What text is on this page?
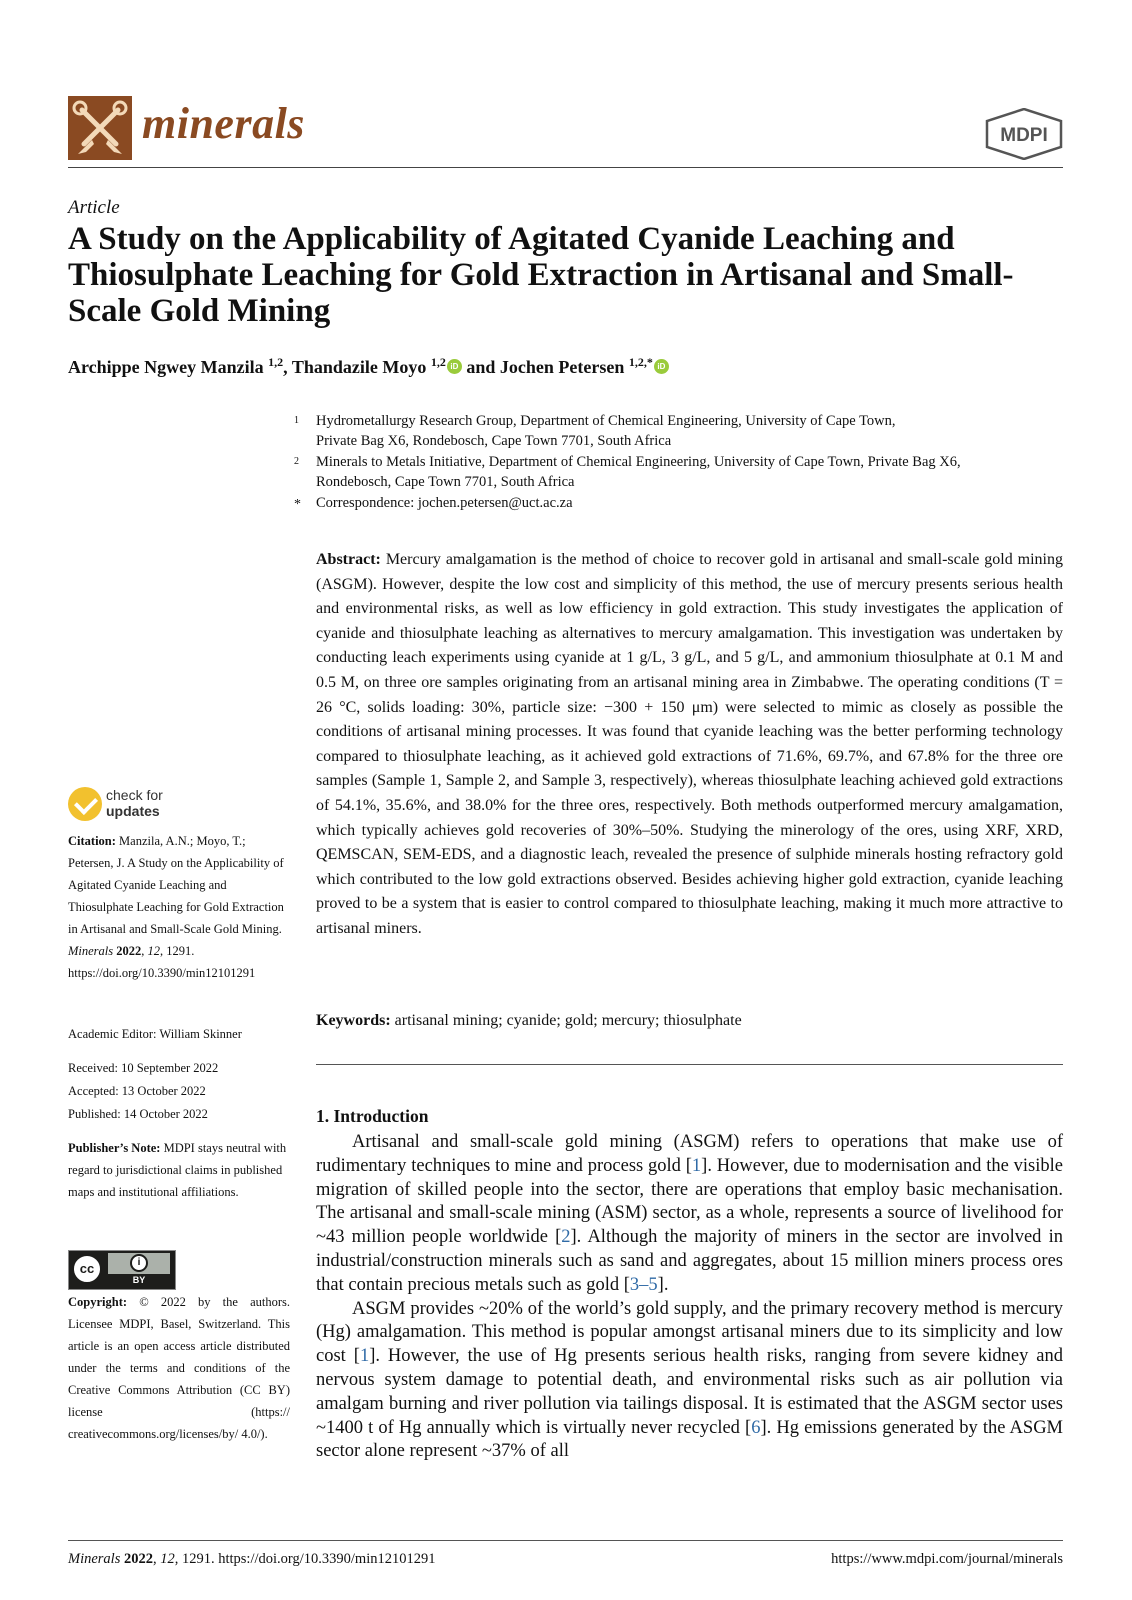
minerals	MDPI
Article
A Study on the Applicability of Agitated Cyanide Leaching and Thiosulphate Leaching for Gold Extraction in Artisanal and Small-Scale Gold Mining
Archippe Ngwey Manzila $^{1,2}$, Thandazile Moyo $^{1,2}$ iD and Jochen Petersen $^{1,2,*}$ iD
1 Hydrometallurgy Research Group, Department of Chemical Engineering, University of Cape Town,
Private Bag X6, Rondebosch, Cape Town 7701, South Africa
2 Minerals to Metals Initiative, Department of Chemical Engineering, University of Cape Town, Private Bag X6,
Rondebosch, Cape Town 7701, South Africa
* Correspondence: jochen.petersen@uct.ac.za
Abstract: Mercury amalgamation is the method of choice to recover gold in artisanal and small-scale gold mining (ASGM). However, despite the low cost and simplicity of this method, the use of mercury presents serious health and environmental risks, as well as low efficiency in gold extraction. This study investigates the application of cyanide and thiosulphate leaching as alternatives to mercury amalgamation. This investigation was undertaken by conducting leach experiments using cyanide at 1 g/L, 3 g/L, and 5 g/L, and ammonium thiosulphate at 0.1 M and 0.5 M, on three ore samples originating from an artisanal mining area in Zimbabwe. The operating conditions (T = 26 °C, solids loading: 30%, particle size: −300 + 150 μm) were selected to mimic as closely as possible the conditions of artisanal mining processes. It was found that cyanide leaching was the better performing technology compared to thiosulphate leaching, as it achieved gold extractions of 71.6%, 69.7%, and 67.8% for the three ore samples (Sample 1, Sample 2, and Sample 3, respectively), whereas thiosulphate leaching achieved gold extractions of 54.1%, 35.6%, and 38.0% for the three ores, respectively. Both methods outperformed mercury amalgamation, which typically achieves gold recoveries of 30%–50%. Studying the minerology of the ores, using XRF, XRD, QEMSCAN, SEM-EDS, and a diagnostic leach, revealed the presence of sulphide minerals hosting refractory gold which contributed to the low gold extractions observed. Besides achieving higher gold extraction, cyanide leaching proved to be a system that is easier to control compared to thiosulphate leaching, making it much more attractive to artisanal miners.
Keywords: artisanal mining; cyanide; gold; mercury; thiosulphate
1. Introduction

Artisanal and small-scale gold mining (ASGM) refers to operations that make use of rudimentary techniques to mine and process gold [1]. However, due to modernisation and the visible migration of skilled people into the sector, there are operations that employ basic mechanisation. The artisanal and small-scale mining (ASM) sector, as a whole, represents a source of livelihood for ~43 million people worldwide [2]. Although the majority of miners in the sector are involved in industrial/construction minerals such as sand and aggregates, about 15 million miners process ores that contain precious metals such as gold [3–5].

ASGM provides ~20% of the world’s gold supply, and the primary recovery method is mercury (Hg) amalgamation. This method is popular amongst artisanal miners due to its simplicity and low cost [1]. However, the use of Hg presents serious health risks, ranging from severe kidney and nervous system damage to potential death, and environmental risks such as air pollution via amalgam burning and river pollution via tailings disposal. It is estimated that the ASGM sector uses ~1400 t of Hg annually which is virtually never recycled [6]. Hg emissions generated by the ASGM sector alone represent ~37% of all

check for
updates
Citation: Manzila, A.N.; Moyo, T.; Petersen, J. A Study on the Applicability of Agitated Cyanide Leaching and Thiosulphate Leaching for Gold Extraction in Artisanal and Small-Scale Gold Mining. Minerals 2022, 12, 1291. https://doi.org/10.3390/min12101291
Academic Editor: William Skinner
Received: 10 September 2022
Accepted: 13 October 2022
Published: 14 October 2022
Publisher’s Note: MDPI stays neutral with regard to jurisdictional claims in published maps and institutional affiliations.
cc	i
BY
Copyright: © 2022 by the authors. Licensee MDPI, Basel, Switzerland. This article is an open access article distributed under the terms and conditions of the Creative Commons Attribution (CC BY) license (https:// creativecommons.org/licenses/by/ 4.0/).
Minerals 2022, 12, 1291. https://doi.org/10.3390/min12101291	https://www.mdpi.com/journal/minerals
